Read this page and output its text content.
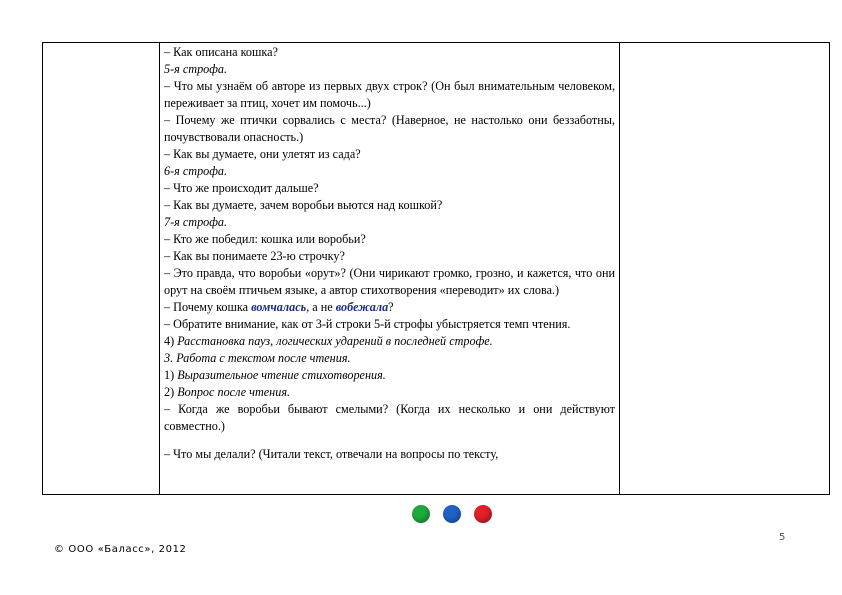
– Как описана кошка?

5-я строфа.

– Что мы узнаём об авторе из первых двух строк? (Он был внимательным человеком, переживает за птиц, хочет им помочь...)

– Почему же птички сорвались с места? (Наверное, не настолько они беззаботны, почувствовали опасность.)

– Как вы думаете, они улетят из сада?

6-я строфа.

– Что же происходит дальше?

– Как вы думаете, зачем воробьи вьются над кошкой?

7-я строфа.

– Кто же победил: кошка или воробьи?

– Как вы понимаете 23-ю строчку?

– Это правда, что воробьи «орут»? (Они чирикают громко, грозно, и кажется, что они орут на своём птичьем языке, а автор стихотворения «переводит» их слова.)

– Почему кошка вомчалась, а не вобежала?

– Обратите внимание, как от 3-й строки 5-й строфы убыстряется темп чтения.

4) Расстановка пауз, логических ударений в последней строфе.

3. Работа с текстом после чтения.

1) Выразительное чтение стихотворения.

2) Вопрос после чтения.

– Когда же воробьи бывают смелыми? (Когда их несколько и они действуют совместно.)

– Что мы делали? (Читали текст, отвечали на вопросы по тексту,

© ООО «Баласс», 2012
5
